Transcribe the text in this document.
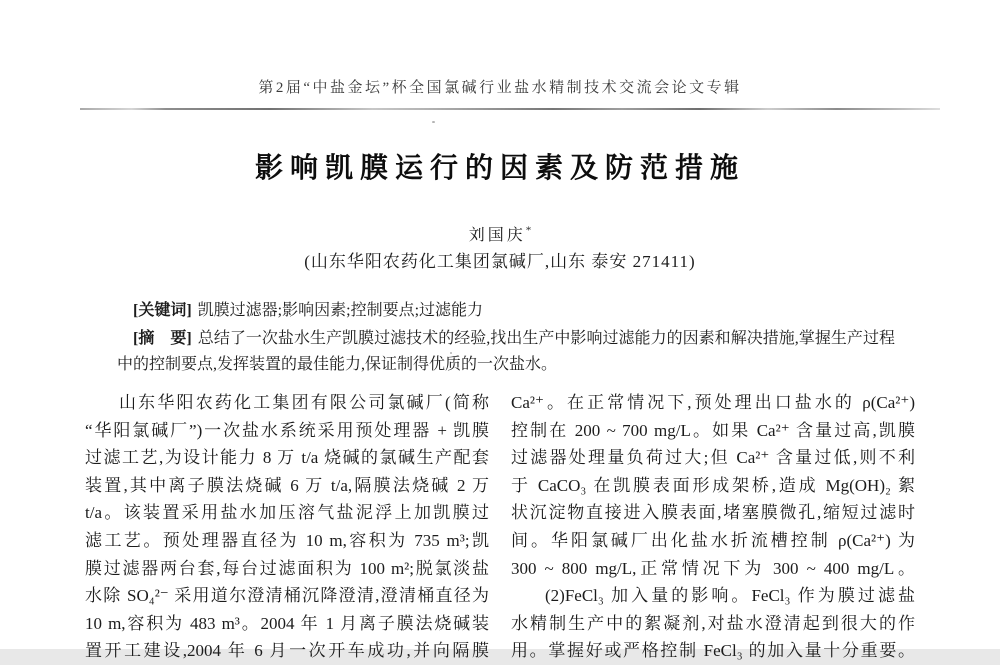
第2届“中盐金坛”杯全国氯碱行业盐水精制技术交流会论文专辑
影响凯膜运行的因素及防范措施
刘国庆*
(山东华阳农药化工集团氯碱厂,山东 泰安 271411)
[关键词] 凯膜过滤器;影响因素;控制要点;过滤能力

[摘　要] 总结了一次盐水生产凯膜过滤技术的经验,找出生产中影响过滤能力的因素和解决措施,掌握生产过程中的控制要点,发挥装置的最佳能力,保证制得优质的一次盐水。

山东华阳农药化工集团有限公司氯碱厂(简称
“华阳氯碱厂”)一次盐水系统采用预处理器 + 凯膜
过滤工艺,为设计能力 8 万 t/a 烧碱的氯碱生产配套
装置,其中离子膜法烧碱 6 万 t/a,隔膜法烧碱 2 万
t/a。该装置采用盐水加压溶气盐泥浮上加凯膜过
滤工艺。预处理器直径为 10 m,容积为 735 m³;凯
膜过滤器两台套,每台过滤面积为 100 m²;脱氯淡盐
水除 SO₄²⁻ 采用道尔澄清桶沉降澄清,澄清桶直径为
10 m,容积为 483 m³。2004 年 1 月离子膜法烧碱装
置开工建设,2004 年 6 月一次开车成功,并向隔膜
Ca²⁺。在正常情况下,预处理出口盐水的 ρ(Ca²⁺)
控制在 200 ~ 700 mg/L。如果 Ca²⁺ 含量过高,凯膜
过滤器处理量负荷过大;但 Ca²⁺ 含量过低,则不利
于 CaCO₃ 在凯膜表面形成架桥,造成 Mg(OH)₂ 絮
状沉淀物直接进入膜表面,堵塞膜微孔,缩短过滤时
间。华阳氯碱厂出化盐水折流槽控制 ρ(Ca²⁺) 为
300 ~ 800 mg/L,正常情况下为 300 ~ 400 mg/L。
(2)FeCl₃ 加入量的影响。FeCl₃ 作为膜过滤盐
水精制生产中的絮凝剂,对盐水澄清起到很大的作
用。掌握好或严格控制 FeCl₃ 的加入量十分重要。
